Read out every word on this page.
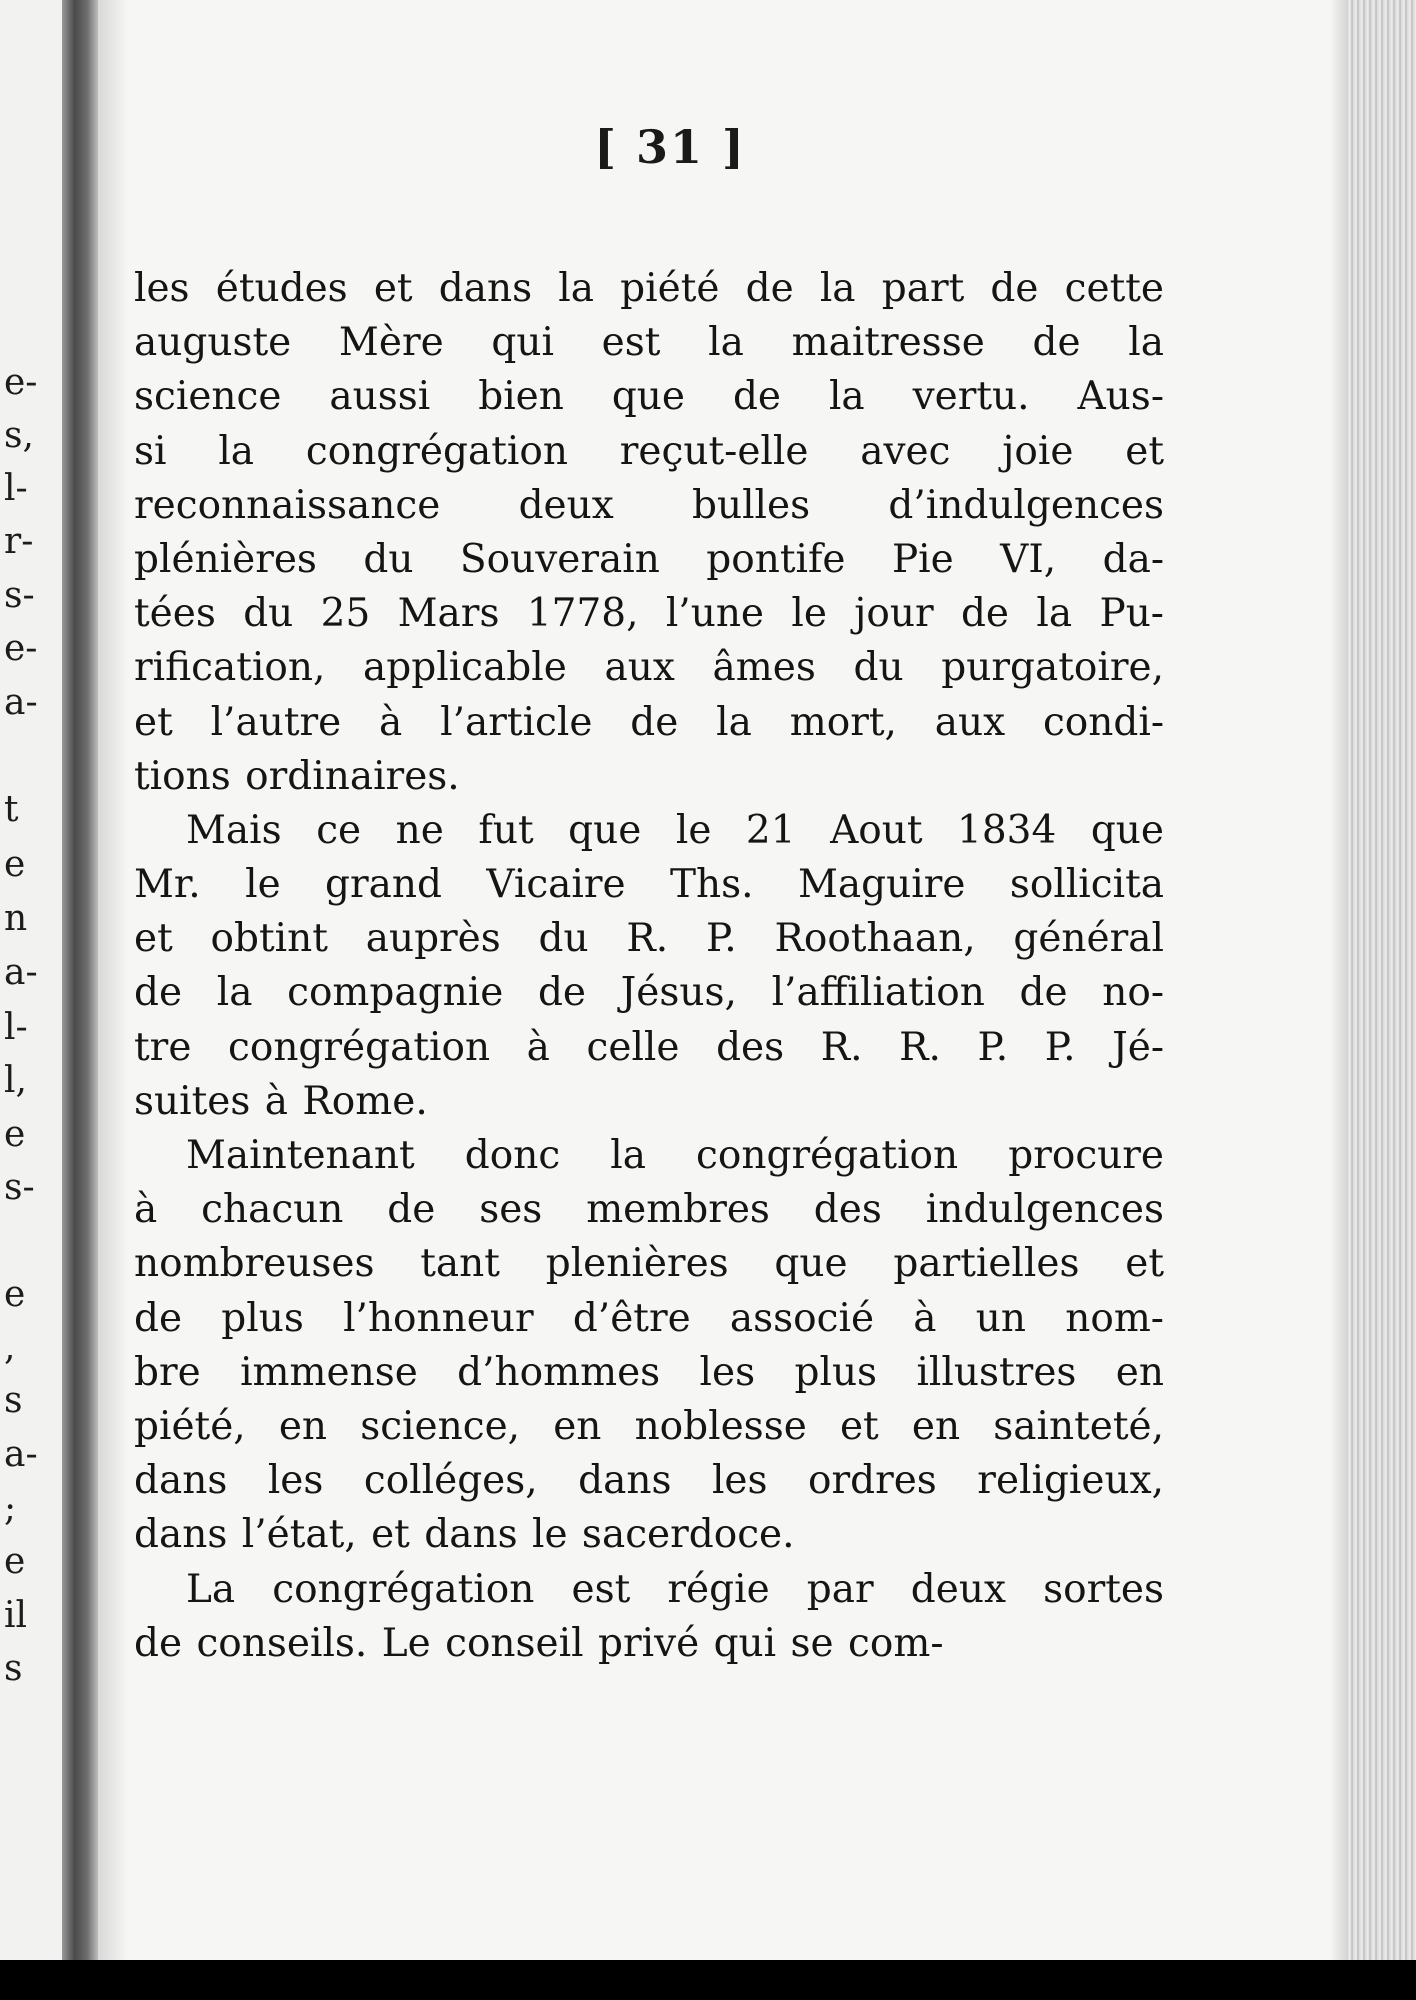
e-
s,
l-
r-
s-
e-
a-
t
e
n
a-
l-
l,
e
s-
e
,
s
a-
;
e
il
s
[ 31 ]
les études et dans la piété de la part de cette
auguste Mère qui est la maitresse de la
science aussi bien que de la vertu. Aus-
si la congrégation reçut-elle avec joie et
reconnaissance deux bulles d’indulgences
plénières du Souverain pontife Pie VI, da-
tées du 25 Mars 1778, l’une le jour de la Pu-
rification, applicable aux âmes du purgatoire,
et l’autre à l’article de la mort, aux condi-
tions ordinaires.
Mais ce ne fut que le 21 Aout 1834 que
Mr. le grand Vicaire Ths. Maguire sollicita
et obtint auprès du R. P. Roothaan, général
de la compagnie de Jésus, l’affiliation de no-
tre congrégation à celle des R. R. P. P. Jé-
suites à Rome.
Maintenant donc la congrégation procure
à chacun de ses membres des indulgences
nombreuses tant plenières que partielles et
de plus l’honneur d’être associé à un nom-
bre immense d’hommes les plus illustres en
piété, en science, en noblesse et en sainteté,
dans les colléges, dans les ordres religieux,
dans l’état, et dans le sacerdoce.
La congrégation est régie par deux sortes
de conseils. Le conseil privé qui se com-
